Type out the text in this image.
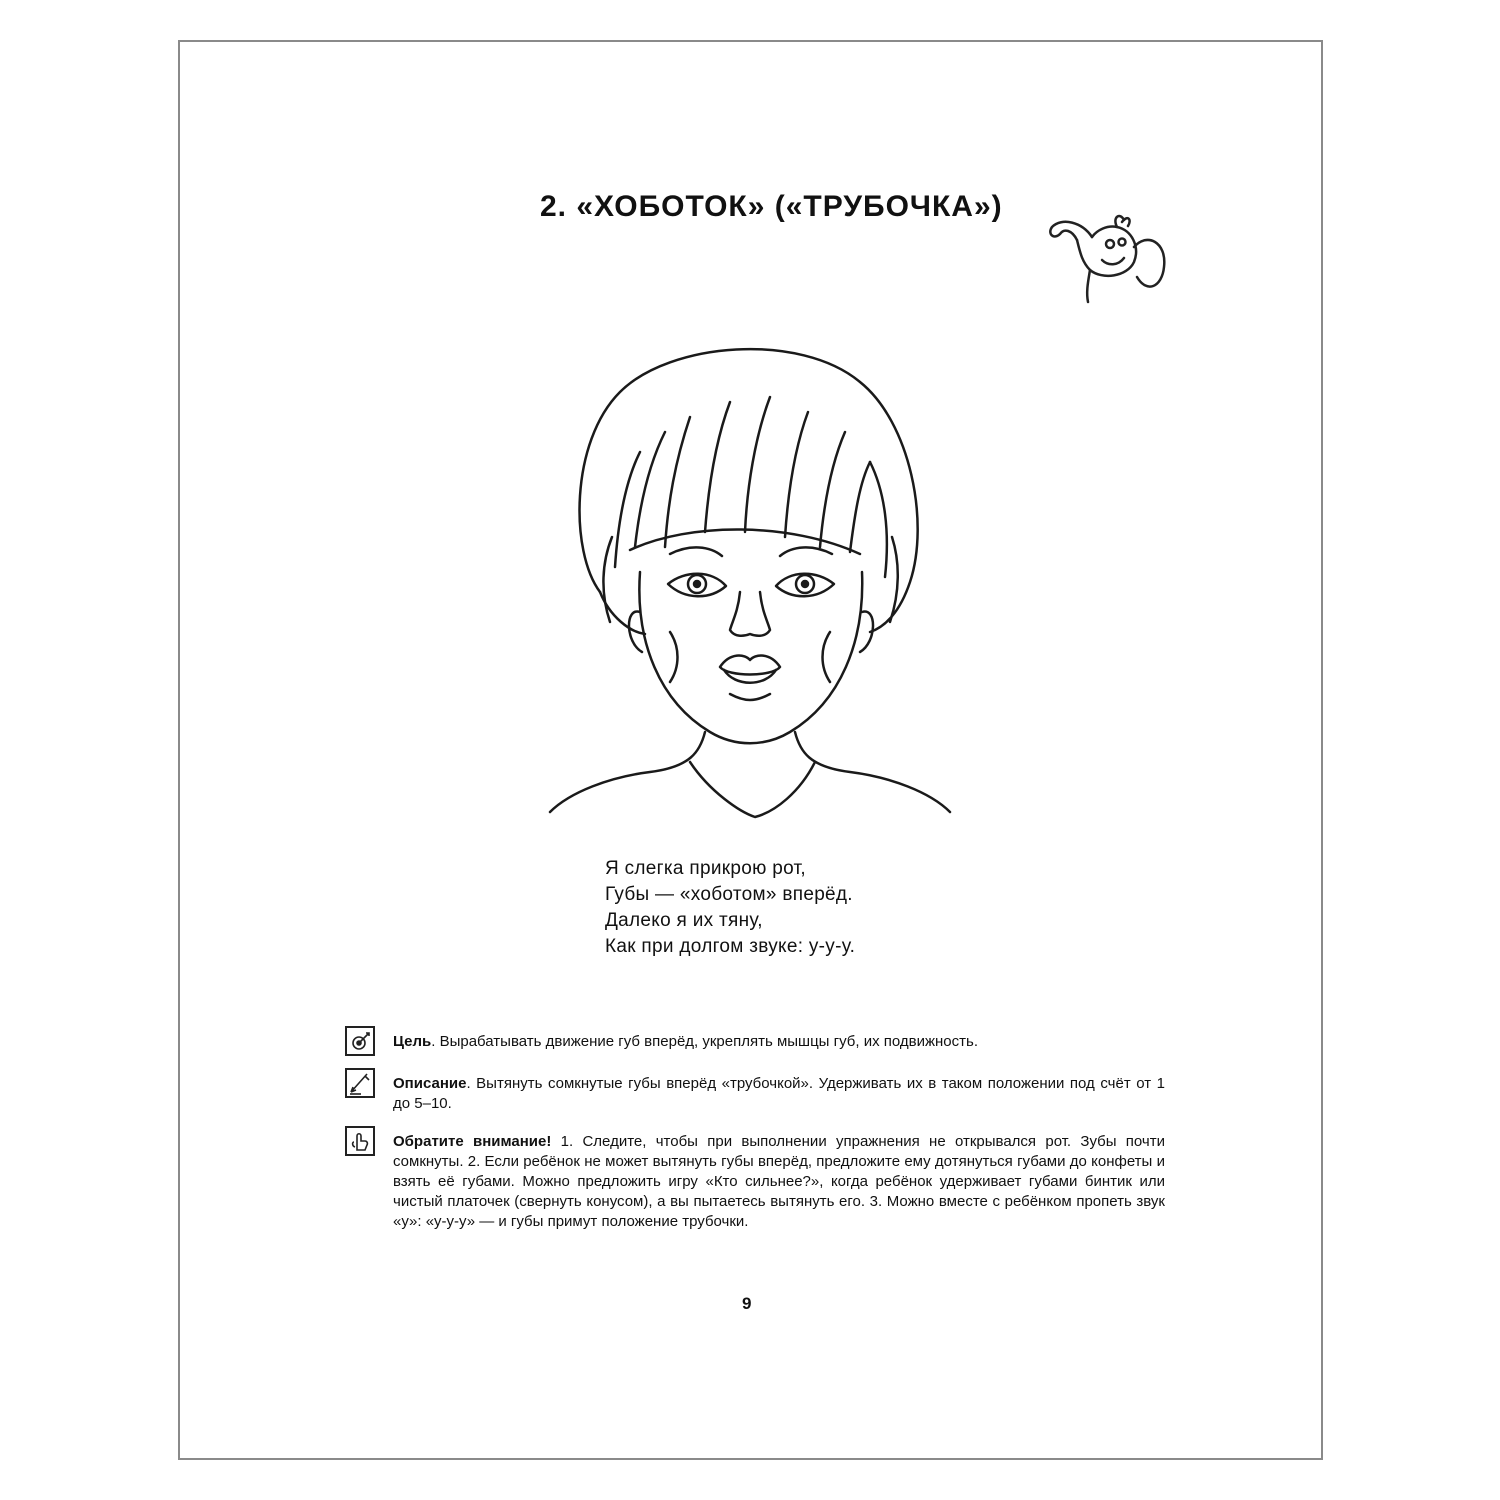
2. «ХОБОТОК» («ТРУБОЧКА»)
Я слегка прикрою рот,
Губы — «хоботом» вперёд.
Далеко я их тяну,
Как при долгом звуке: у-у-у.
Цель. Вырабатывать движение губ вперёд, укреплять мышцы губ, их подвижность.
Описание. Вытянуть сомкнутые губы вперёд «трубочкой». Удерживать их в таком положении под счёт от 1 до 5–10.
Обратите внимание! 1. Следите, чтобы при выполнении упражнения не открывался рот. Зубы почти сомкнуты. 2. Если ребёнок не может вытянуть губы вперёд, предложите ему дотянуться губами до конфеты и взять её губами. Можно предложить игру «Кто сильнее?», когда ребёнок удерживает губами бинтик или чистый платочек (свернуть конусом), а вы пытаетесь вытянуть его. 3. Можно вместе с ребёнком пропеть звук «у»: «у-у-у» — и губы примут положение трубочки.
9
